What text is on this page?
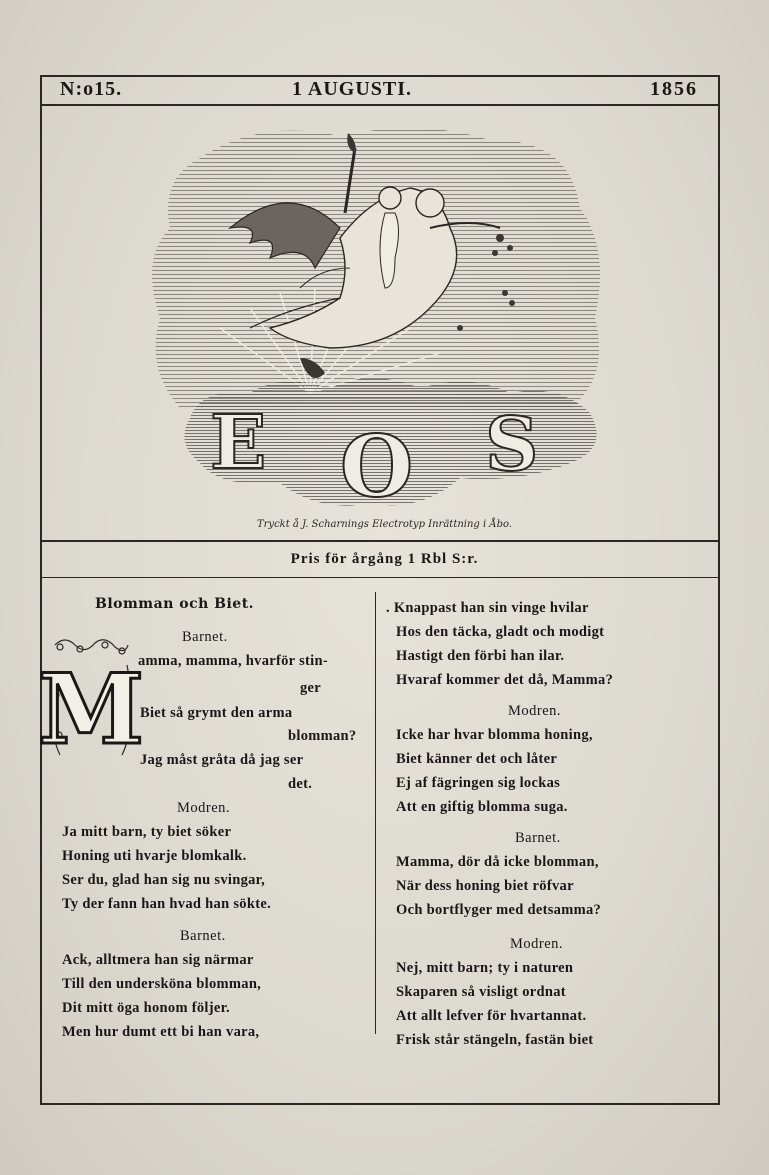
N:o15.	1 AUGUSTI.	1856
E O S
Tryckt å J. Scharnings Electrotyp Inrättning i Åbo.
Pris för årgång 1 Rbl S:r.
Blomman och Biet.
Barnet.
M
amma, mamma, hvarför stin-
ger
Biet så grymt den arma
blomman?
Jag måst gråta då jag ser
det.
Modren.
Ja mitt barn, ty biet söker
Honing uti hvarje blomkalk.
Ser du, glad han sig nu svingar,
Ty der fann han hvad han sökte.
Barnet.
Ack, alltmera han sig närmar
Till den undersköna blomman,
Dit mitt öga honom följer.
Men hur dumt ett bi han vara,
. Knappast han sin vinge hvilar
Hos den täcka, gladt och modigt
Hastigt den förbi han ilar.
Hvaraf kommer det då, Mamma?
Modren.
Icke har hvar blomma honing,
Biet känner det och låter
Ej af fägringen sig lockas
Att en giftig blomma suga.
Barnet.
Mamma, dör då icke blomman,
När dess honing biet röfvar
Och bortflyger med detsamma?
Modren.
Nej, mitt barn; ty i naturen
Skaparen så visligt ordnat
Att allt lefver för hvartannat.
Frisk står stängeln, fastän biet
